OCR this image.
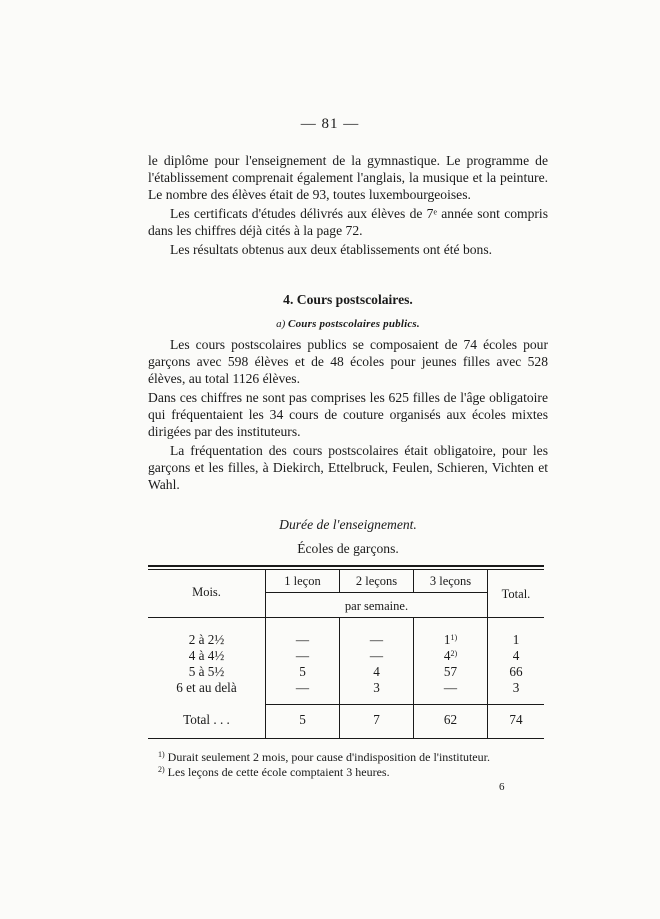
— 81 —

le diplôme pour l'enseignement de la gymnastique. Le programme de l'établissement comprenait également l'anglais, la musique et la peinture. Le nombre des élèves était de 93, toutes luxembourgeoises.

Les certificats d'études délivrés aux élèves de 7ᵉ année sont compris dans les chiffres déjà cités à la page 72.

Les résultats obtenus aux deux établissements ont été bons.

4. Cours postscolaires.
a) Cours postscolaires publics.

Les cours postscolaires publics se composaient de 74 écoles pour garçons avec 598 élèves et de 48 écoles pour jeunes filles avec 528 élèves, au total 1126 élèves.

Dans ces chiffres ne sont pas comprises les 625 filles de l'âge obligatoire qui fréquentaient les 34 cours de couture organisés aux écoles mixtes dirigées par des instituteurs.

La fréquentation des cours postscolaires était obligatoire, pour les garçons et les filles, à Diekirch, Ettelbruck, Feulen, Schieren, Vichten et Wahl.

Durée de l'enseignement.
Écoles de garçons.
Mois.
1 leçon	2 leçons	3 leçons
par semaine.
Total.
2 à 2½	—	—	1$^{1)}$	1
4 à 4½	—	—	4$^{2)}$	4
5 à 5½	5	4	57	66
6 et au delà	—	3	—	3
Total . . .	5	7	62	74
$^{1)}$ Durait seulement 2 mois, pour cause d'indisposition de l'instituteur.
$^{2)}$ Les leçons de cette école comptaient 3 heures.
6
